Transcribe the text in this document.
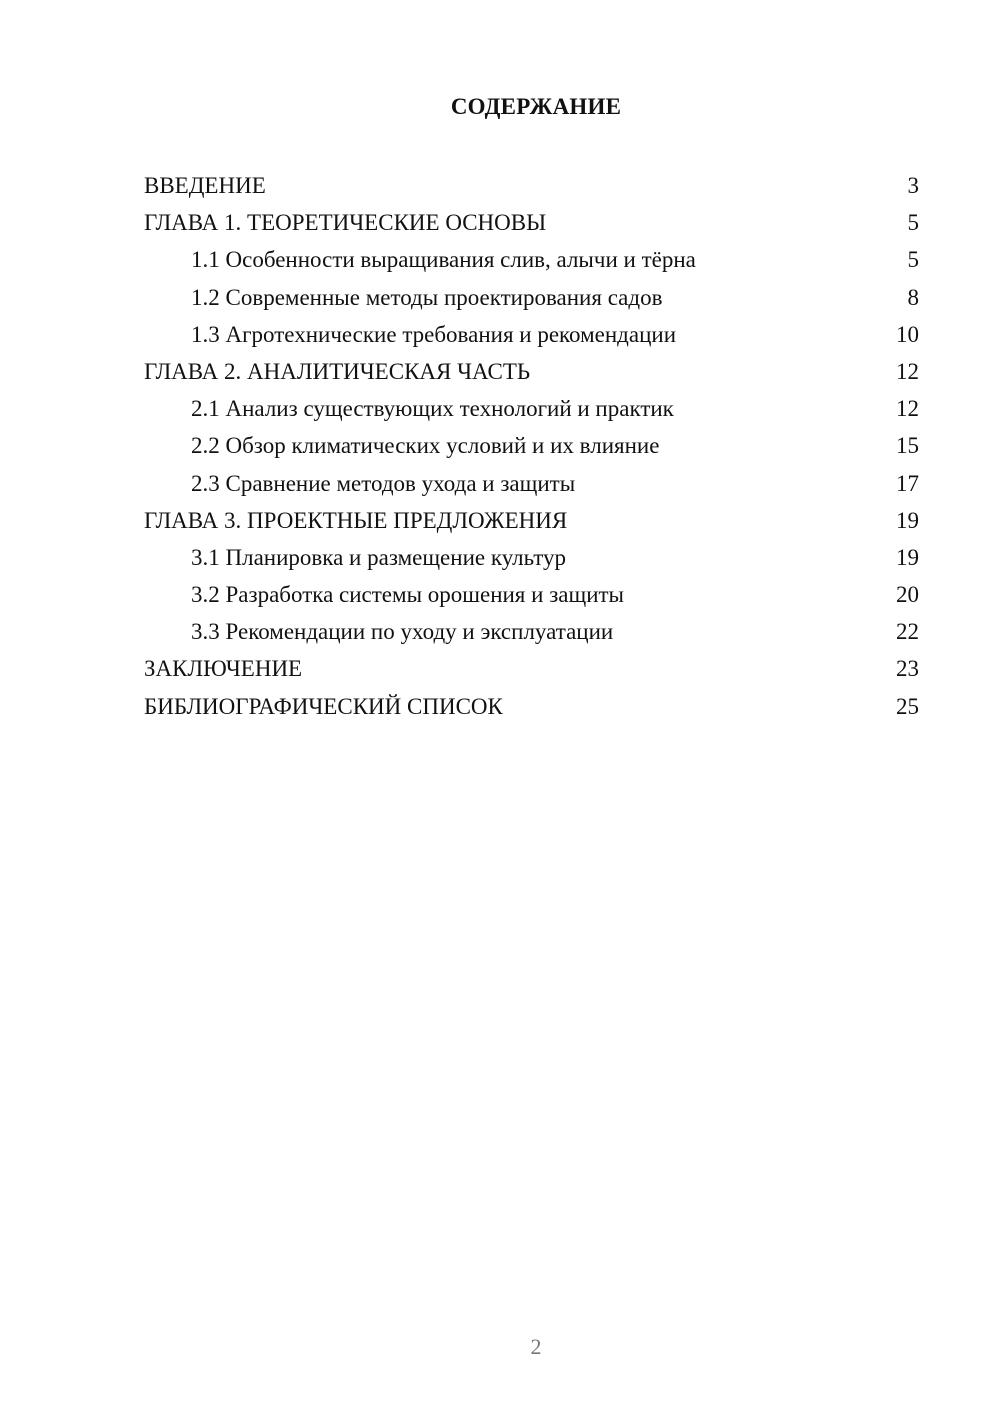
СОДЕРЖАНИЕ
ВВЕДЕНИЕ	3
ГЛАВА 1. ТЕОРЕТИЧЕСКИЕ ОСНОВЫ	5
1.1 Особенности выращивания слив, алычи и тёрна	5
1.2 Современные методы проектирования садов	8
1.3 Агротехнические требования и рекомендации	10
ГЛАВА 2. АНАЛИТИЧЕСКАЯ ЧАСТЬ	12
2.1 Анализ существующих технологий и практик	12
2.2 Обзор климатических условий и их влияние	15
2.3 Сравнение методов ухода и защиты	17
ГЛАВА 3. ПРОЕКТНЫЕ ПРЕДЛОЖЕНИЯ	19
3.1 Планировка и размещение культур	19
3.2 Разработка системы орошения и защиты	20
3.3 Рекомендации по уходу и эксплуатации	22
ЗАКЛЮЧЕНИЕ	23
БИБЛИОГРАФИЧЕСКИЙ СПИСОК	25
2
